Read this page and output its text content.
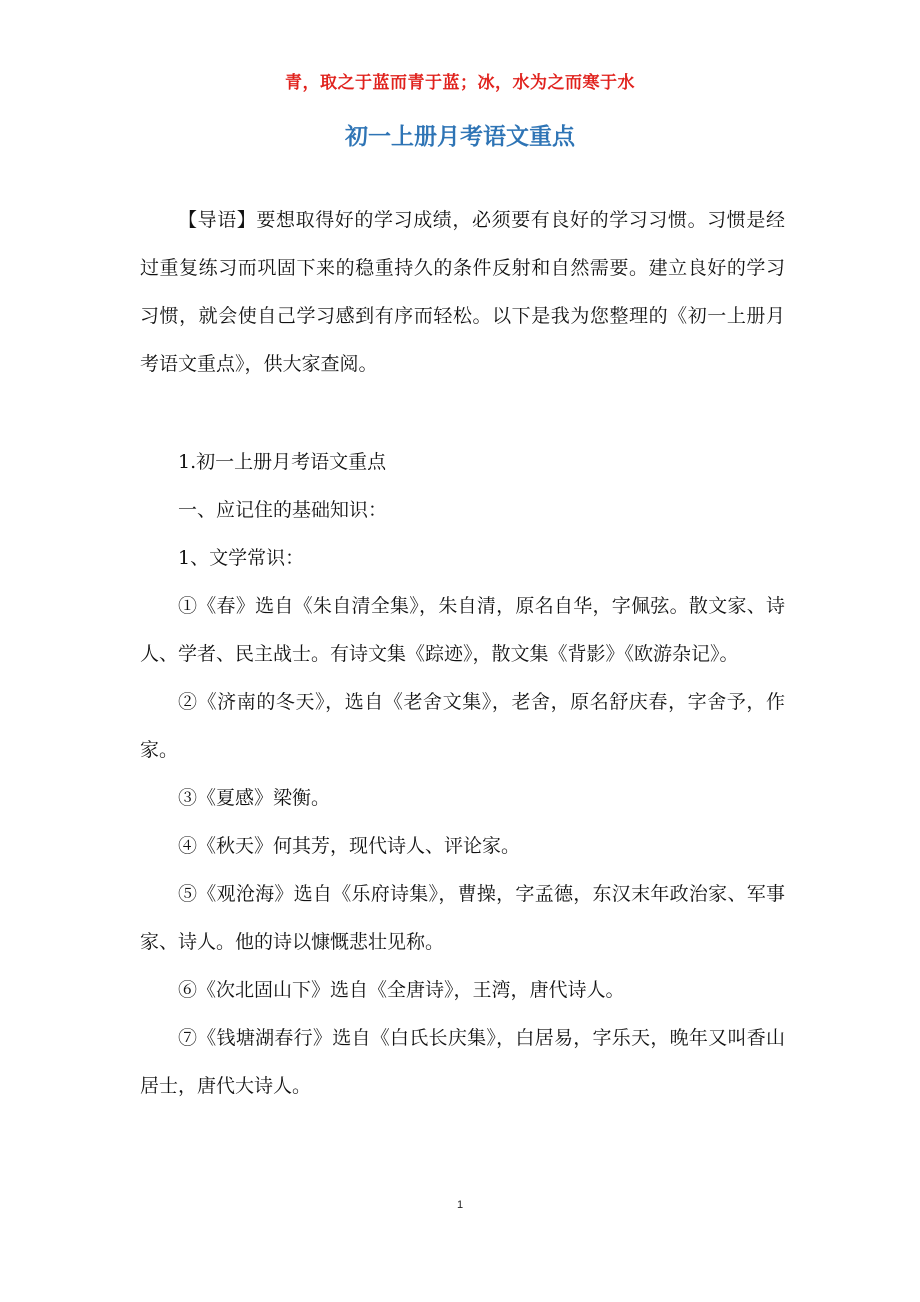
青，取之于蓝而青于蓝；冰，水为之而寒于水
初一上册月考语文重点

【导语】要想取得好的学习成绩，必须要有良好的学习习惯。习惯是经过重复练习而巩固下来的稳重持久的条件反射和自然需要。建立良好的学习习惯，就会使自己学习感到有序而轻松。以下是我为您整理的《初一上册月考语文重点》，供大家查阅。

1.初一上册月考语文重点

一、应记住的基础知识：

1、文学常识：

①《春》选自《朱自清全集》，朱自清，原名自华，字佩弦。散文家、诗人、学者、民主战士。有诗文集《踪迹》，散文集《背影》《欧游杂记》。

②《济南的冬天》，选自《老舍文集》，老舍，原名舒庆春，字舍予，作家。

③《夏感》梁衡。

④《秋天》何其芳，现代诗人、评论家。

⑤《观沧海》选自《乐府诗集》，曹操，字孟德，东汉末年政治家、军事家、诗人。他的诗以慷慨悲壮见称。

⑥《次北固山下》选自《全唐诗》，王湾，唐代诗人。

⑦《钱塘湖春行》选自《白氏长庆集》，白居易，字乐天，晚年又叫香山居士，唐代大诗人。

1
